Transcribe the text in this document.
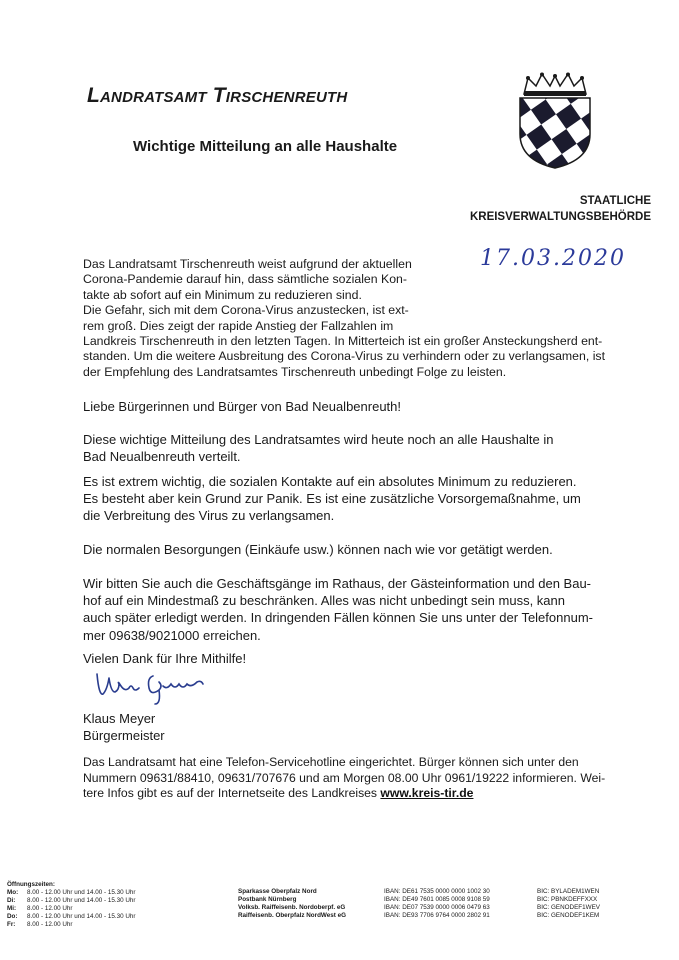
Landratsamt Tirschenreuth
Wichtige Mitteilung an alle Haushalte
STAATLICHE
KREISVERWALTUNGSBEHÖRDE
17.03.2020
Das Landratsamt Tirschenreuth weist aufgrund der aktuellen
Corona-Pandemie darauf hin, dass sämtliche sozialen Kon-
takte ab sofort auf ein Minimum zu reduzieren sind.
Die Gefahr, sich mit dem Corona-Virus anzustecken, ist ext-
rem groß. Dies zeigt der rapide Anstieg der Fallzahlen im
Landkreis Tirschenreuth in den letzten Tagen. In Mitterteich ist ein großer Ansteckungsherd ent-
standen. Um die weitere Ausbreitung des Corona-Virus zu verhindern oder zu verlangsamen, ist
der Empfehlung des Landratsamtes Tirschenreuth unbedingt Folge zu leisten.
Liebe Bürgerinnen und Bürger von Bad Neualbenreuth!
Diese wichtige Mitteilung des Landratsamtes wird heute noch an alle Haushalte in
Bad Neualbenreuth verteilt.
Es ist extrem wichtig, die sozialen Kontakte auf ein absolutes Minimum zu reduzieren.
Es besteht aber kein Grund zur Panik. Es ist eine zusätzliche Vorsorgemaßnahme, um
die Verbreitung des Virus zu verlangsamen.
Die normalen Besorgungen (Einkäufe usw.) können nach wie vor getätigt werden.
Wir bitten Sie auch die Geschäftsgänge im Rathaus, der Gästeinformation und den Bau-
hof auf ein Mindestmaß zu beschränken. Alles was nicht unbedingt sein muss, kann
auch später erledigt werden. In dringenden Fällen können Sie uns unter der Telefonnum-
mer 09638/9021000 erreichen.
Vielen Dank für Ihre Mithilfe!
Klaus Meyer
Bürgermeister
Das Landratsamt hat eine Telefon-Servicehotline eingerichtet. Bürger können sich unter den
Nummern 09631/88410, 09631/707676 und am Morgen 08.00 Uhr 0961/19222 informieren. Wei-
tere Infos gibt es auf der Internetseite des Landkreises www.kreis-tir.de
Öffnungszeiten:
Mo: 8.00 - 12.00 Uhr und 14.00 - 15.30 Uhr
Di: 8.00 - 12.00 Uhr und 14.00 - 15.30 Uhr
Mi: 8.00 - 12.00 Uhr
Do: 8.00 - 12.00 Uhr und 14.00 - 15.30 Uhr
Fr: 8.00 - 12.00 Uhr
Sparkasse Oberpfalz Nord
Postbank Nürnberg
Volksb. Raiffeisenb. Nordoberpf. eG
Raiffeisenb. Oberpfalz NordWest eG
IBAN: DE61 7535 0000 0000 1002 30
IBAN: DE49 7601 0085 0008 9108 59
IBAN: DE07 7539 0000 0006 0479 63
IBAN: DE93 7706 9764 0000 2802 91
BIC: BYLADEM1WEN
BIC: PBNKDEFFXXX
BIC: GENODEF1WEV
BIC: GENODEF1KEM
